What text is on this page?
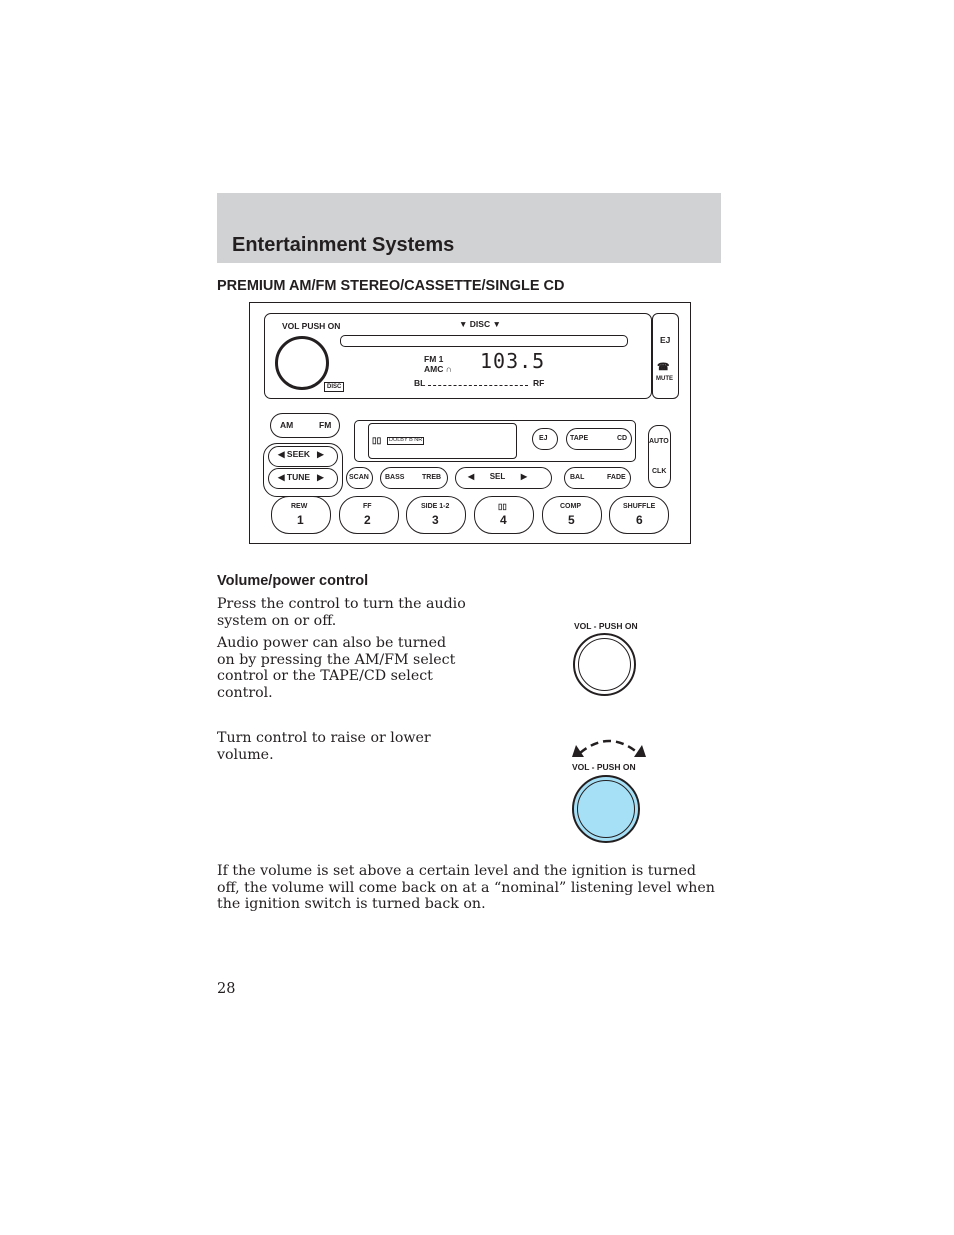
Entertainment Systems
PREMIUM AM/FM STEREO/CASSETTE/SINGLE CD
VOL PUSH ON	▼ DISC ▼
DISC
FM 1
AMC ∩ 103.5
BL	RF
EJ
☎
MUTE
AM	FM
◀ SEEK   ▶
◀ TUNE   ▶
▯▯	DOLBY B NR	EJ	TAPE	CD	AUTO
CLK
SCAN BASS	TREB	◀       SEL       ▶	BAL	FADE
REW
1
FF
2
SIDE 1-2
3
▯▯
4
COMP
5
SHUFFLE
6
Volume/power control
Press the control to turn the audio system on or off.
Audio power can also be turned on by pressing the AM/FM select control or the TAPE/CD select control.
Turn control to raise or lower volume.
VOL - PUSH ON
VOL - PUSH ON
If the volume is set above a certain level and the ignition is turned off, the volume will come back on at a “nominal” listening level when the ignition switch is turned back on.
28
